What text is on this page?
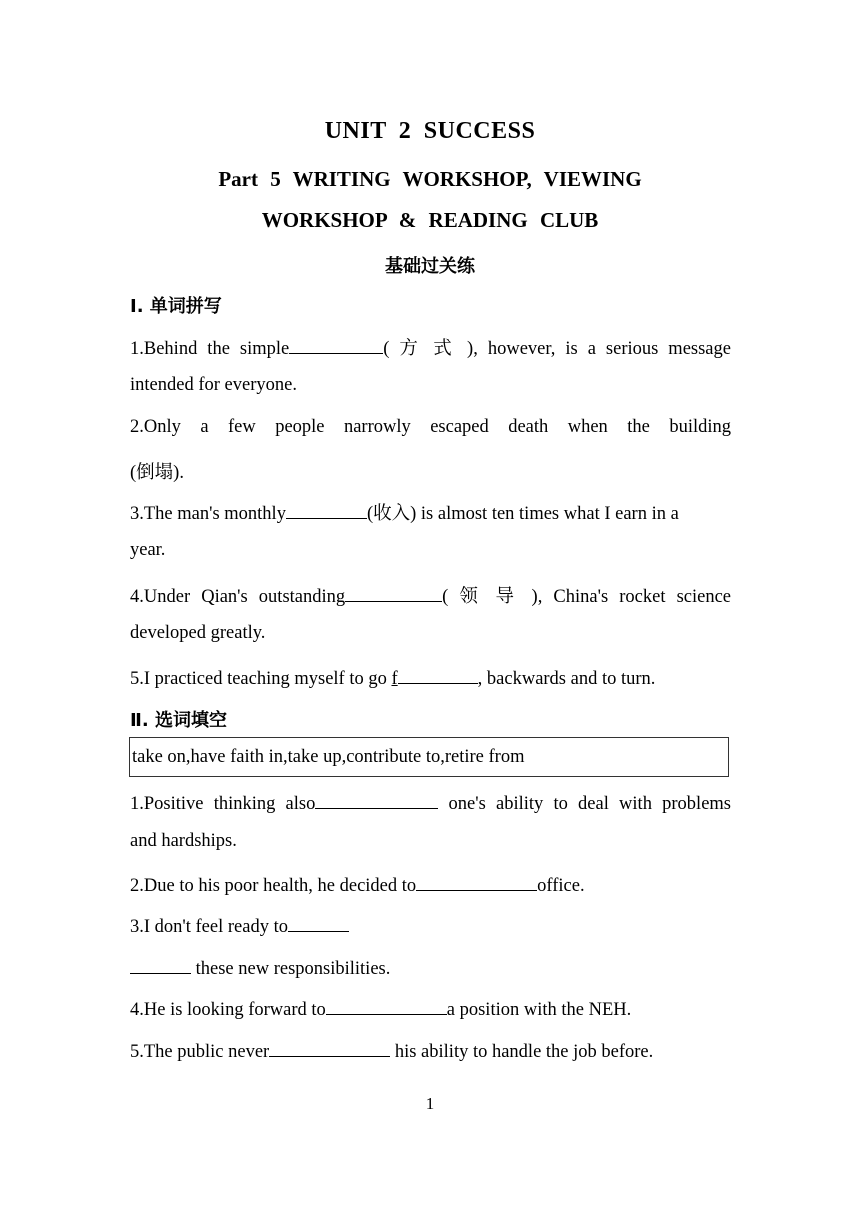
UNIT 2 SUCCESS
Part 5 WRITING WORKSHOP, VIEWING
WORKSHOP & READING CLUB
基础过关练
Ⅰ. 单词拼写
1.Behind the simple	( 方 式 ), however, is a serious message
intended for everyone.
2.Only a few people narrowly escaped death when the building
(倒塌).
3.The man's monthly	(收入) is almost ten times what I earn in a
year.
4.Under Qian's outstanding	( 领 导 ), China's rocket science
developed greatly.
5.I practiced teaching myself to go f	, backwards and to turn.
Ⅱ. 选词填空
take on,have faith in,take up,contribute to,retire from
1.Positive thinking also	one's ability to deal with problems
and hardships.
2.Due to his poor health, he decided to	office.
3.I don't feel ready to
these new responsibilities.
4.He is looking forward to	a position with the NEH.
5.The public never	his ability to handle the job before.
1
